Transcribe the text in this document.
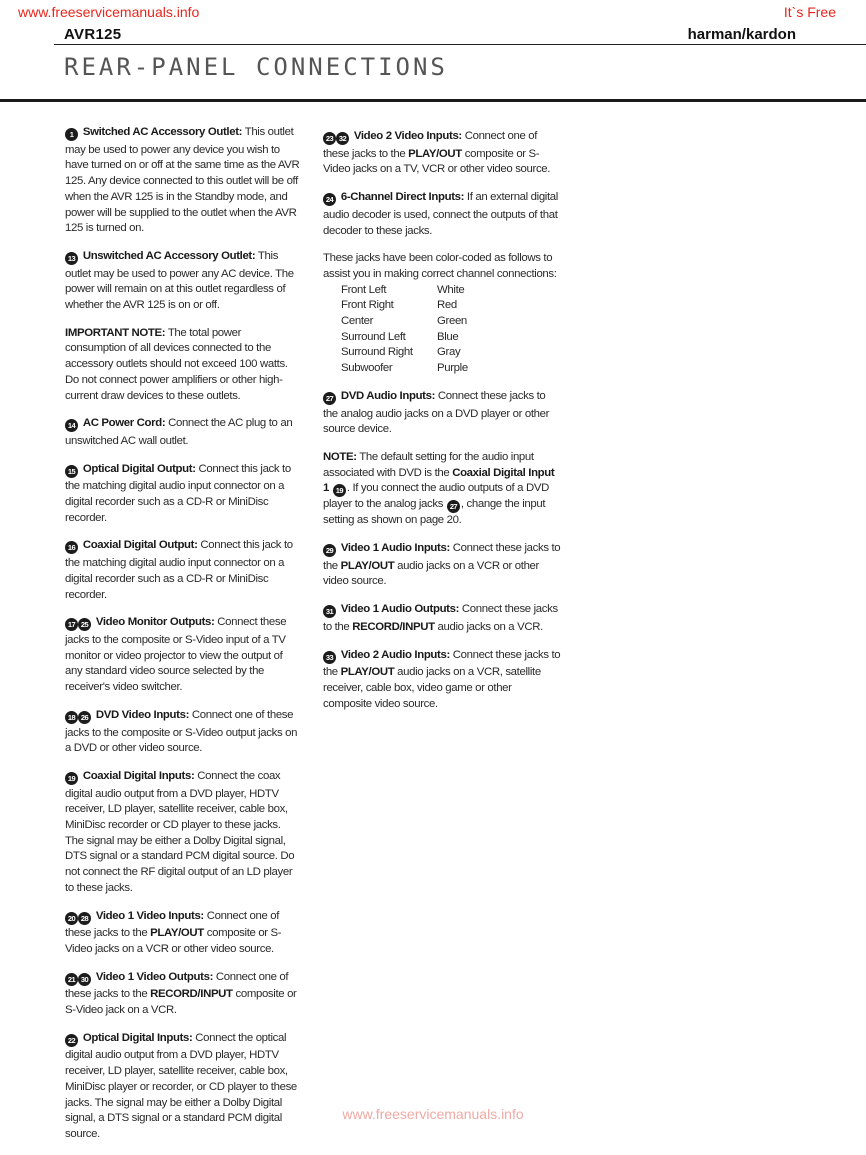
www.freeservicemanuals.info	It`s Free
AVR125	harman/kardon
REAR-PANEL CONNECTIONS

1 Switched AC Accessory Outlet: This outlet may be used to power any device you wish to have turned on or off at the same time as the AVR 125. Any device connected to this outlet will be off when the AVR 125 is in the Standby mode, and power will be supplied to the outlet when the AVR 125 is turned on.

13 Unswitched AC Accessory Outlet: This outlet may be used to power any AC device. The power will remain on at this outlet regardless of whether the AVR 125 is on or off.

IMPORTANT NOTE: The total power consumption of all devices connected to the accessory outlets should not exceed 100 watts. Do not connect power amplifiers or other high-current draw devices to these outlets.

14 AC Power Cord: Connect the AC plug to an unswitched AC wall outlet.

15 Optical Digital Output: Connect this jack to the matching digital audio input connector on a digital recorder such as a CD-R or MiniDisc recorder.

16 Coaxial Digital Output: Connect this jack to the matching digital audio input connector on a digital recorder such as a CD-R or MiniDisc recorder.

17 25 Video Monitor Outputs: Connect these jacks to the composite or S-Video input of a TV monitor or video projector to view the output of any standard video source selected by the receiver's video switcher.

18 26 DVD Video Inputs: Connect one of these jacks to the composite or S-Video output jacks on a DVD or other video source.

19 Coaxial Digital Inputs: Connect the coax digital audio output from a DVD player, HDTV receiver, LD player, satellite receiver, cable box, MiniDisc recorder or CD player to these jacks. The signal may be either a Dolby Digital signal, DTS signal or a standard PCM digital source. Do not connect the RF digital output of an LD player to these jacks.

20 28 Video 1 Video Inputs: Connect one of these jacks to the PLAY/OUT composite or S-Video jacks on a VCR or other video source.

21 30 Video 1 Video Outputs: Connect one of these jacks to the RECORD/INPUT composite or S-Video jack on a VCR.

22 Optical Digital Inputs: Connect the optical digital audio output from a DVD player, HDTV receiver, LD player, satellite receiver, cable box, MiniDisc player or recorder, or CD player to these jacks. The signal may be either a Dolby Digital signal, a DTS signal or a standard PCM digital source.

23 32 Video 2 Video Inputs: Connect one of these jacks to the PLAY/OUT composite or S-Video jacks on a TV, VCR or other video source.

24 6-Channel Direct Inputs: If an external digital audio decoder is used, connect the outputs of that decoder to these jacks.

These jacks have been color-coded as follows to assist you in making correct channel connections:

Front Left	White
Front Right	Red
Center	Green
Surround Left	Blue
Surround Right	Gray
Subwoofer	Purple

27 DVD Audio Inputs: Connect these jacks to the analog audio jacks on a DVD player or other source device.

NOTE: The default setting for the audio input associated with DVD is the Coaxial Digital Input 1 19 . If you connect the audio outputs of a DVD player to the analog jacks 27 , change the input setting as shown on page 20.

29 Video 1 Audio Inputs: Connect these jacks to the PLAY/OUT audio jacks on a VCR or other video source.

31 Video 1 Audio Outputs: Connect these jacks to the RECORD/INPUT audio jacks on a VCR.

33 Video 2 Audio Inputs: Connect these jacks to the PLAY/OUT audio jacks on a VCR, satellite receiver, cable box, video game or other composite video source.

www.freeservicemanuals.info
